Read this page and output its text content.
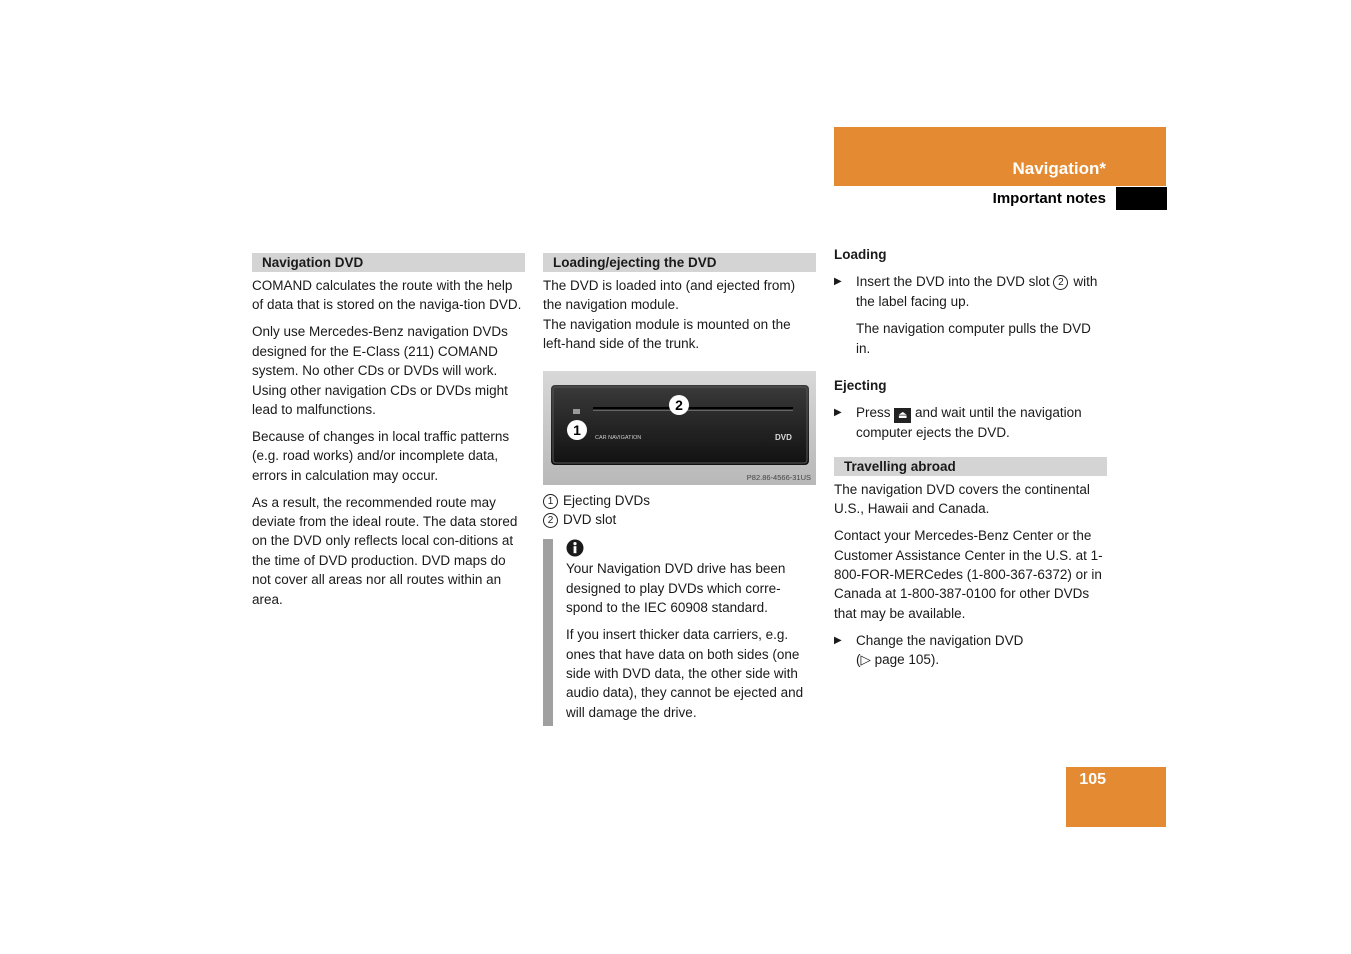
Navigation*
Important notes
Navigation DVD

COMAND calculates the route with the help of data that is stored on the naviga-tion DVD.

Only use Mercedes-Benz navigation DVDs designed for the E-Class (211) COMAND system. No other CDs or DVDs will work. Using other navigation CDs or DVDs might lead to malfunctions.

Because of changes in local traffic patterns (e.g. road works) and/or incomplete data, errors in calculation may occur.

As a result, the recommended route may deviate from the ideal route. The data stored on the DVD only reflects local con-ditions at the time of DVD production. DVD maps do not cover all areas nor all routes within an area.

Loading/ejecting the DVD
The DVD is loaded into (and ejected from) the navigation module.
The navigation module is mounted on the left-hand side of the trunk.
1
2
CAR NAVIGATION	DVD
P82.86-4566-31US
1 Ejecting DVDs
2 DVD slot

Your Navigation DVD drive has been designed to play DVDs which corre-spond to the IEC 60908 standard.

If you insert thicker data carriers, e.g. ones that have data on both sides (one side with DVD data, the other side with audio data), they cannot be ejected and will damage the drive.

Loading
▶ Insert the DVD into the DVD slot 2 with the label facing up.
The navigation computer pulls the DVD in.
Ejecting
▶ Press ⏏ and wait until the navigation computer ejects the DVD.
Travelling abroad

The navigation DVD covers the continental U.S., Hawaii and Canada.

Contact your Mercedes-Benz Center or the Customer Assistance Center in the U.S. at 1-800-FOR-MERCedes (1-800-367-6372) or in Canada at 1-800-387-0100 for other DVDs that may be available.

▶ Change the navigation DVD
(▷ page 105).
105
